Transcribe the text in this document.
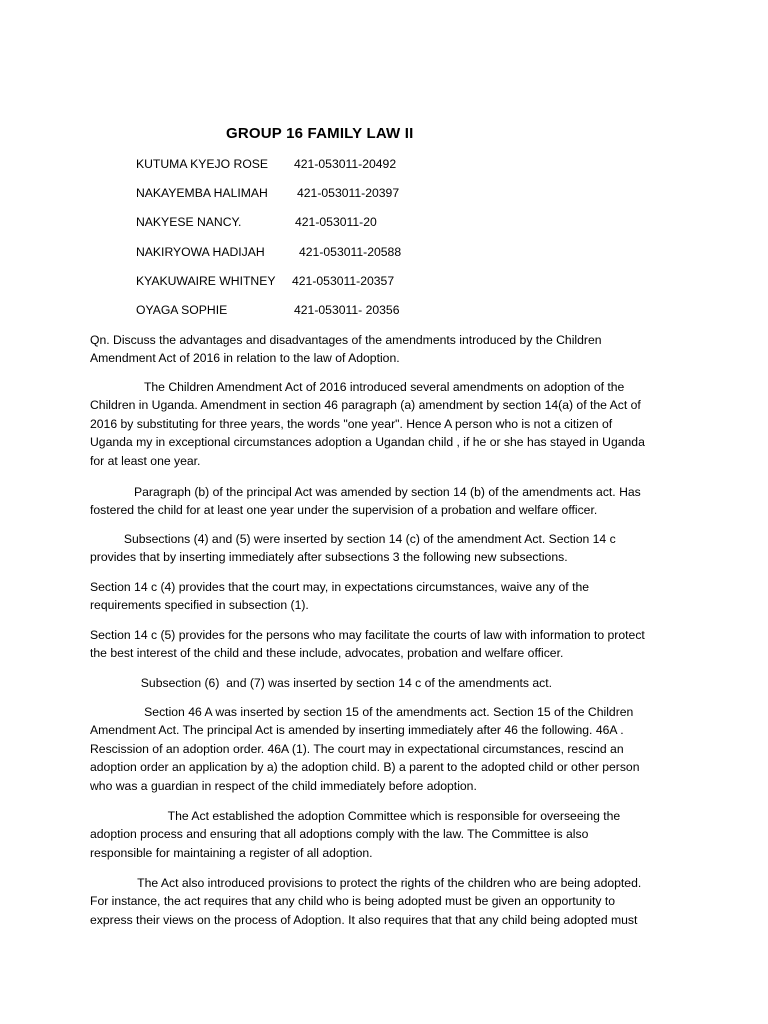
GROUP 16 FAMILY LAW II
KUTUMA KYEJO ROSE 421-053011-20492
NAKAYEMBA HALIMAH 421-053011-20397
NAKYESE NANCY.	421-053011-20
NAKIRYOWA HADIJAH	421-053011-20588
KYAKUWAIRE WHITNEY 421-053011-20357
OYAGA SOPHIE	421-053011- 20356
Qn. Discuss the advantages and disadvantages of the amendments introduced by the Children
Amendment Act of 2016 in relation to the law of Adoption.
The Children Amendment Act of 2016 introduced several amendments on adoption of the
Children in Uganda. Amendment in section 46 paragraph (a) amendment by section 14(a) of the Act of
2016 by substituting for three years, the words "one year". Hence A person who is not a citizen of
Uganda my in exceptional circumstances adoption a Ugandan child , if he or she has stayed in Uganda
for at least one year.
Paragraph (b) of the principal Act was amended by section 14 (b) of the amendments act. Has
fostered the child for at least one year under the supervision of a probation and welfare officer.
Subsections (4) and (5) were inserted by section 14 (c) of the amendment Act. Section 14 c
provides that by inserting immediately after subsections 3 the following new subsections.
Section 14 c (4) provides that the court may, in expectations circumstances, waive any of the
requirements specified in subsection (1).
Section 14 c (5) provides for the persons who may facilitate the courts of law with information to protect
the best interest of the child and these include, advocates, probation and welfare officer.
Subsection (6)  and (7) was inserted by section 14 c of the amendments act.
Section 46 A was inserted by section 15 of the amendments act. Section 15 of the Children
Amendment Act. The principal Act is amended by inserting immediately after 46 the following. 46A .
Rescission of an adoption order. 46A (1). The court may in expectational circumstances, rescind an
adoption order an application by a) the adoption child. B) a parent to the adopted child or other person
who was a guardian in respect of the child immediately before adoption.
The Act established the adoption Committee which is responsible for overseeing the
adoption process and ensuring that all adoptions comply with the law. The Committee is also
responsible for maintaining a register of all adoption.
The Act also introduced provisions to protect the rights of the children who are being adopted.
For instance, the act requires that any child who is being adopted must be given an opportunity to
express their views on the process of Adoption. It also requires that that any child being adopted must
